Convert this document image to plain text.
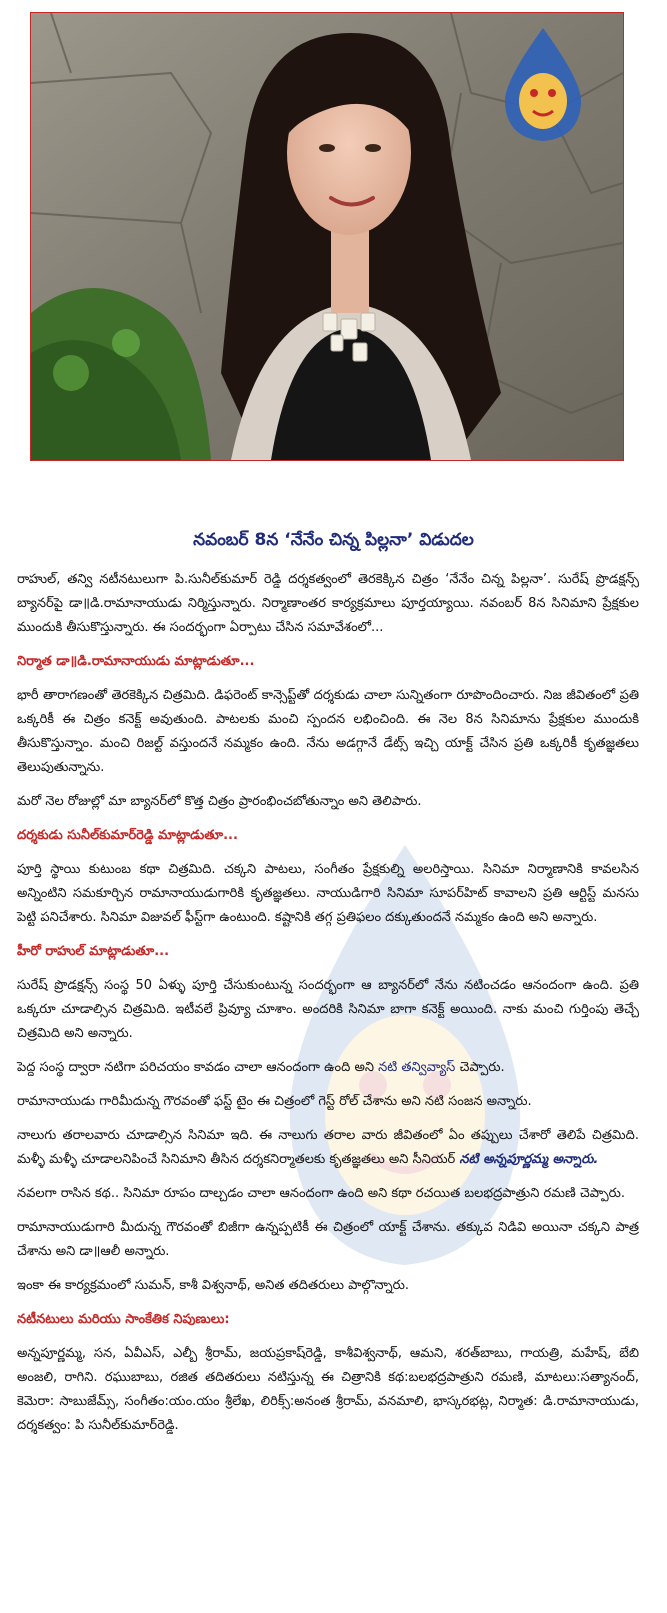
నవంబర్ 8న ‘నేనేం చిన్న పిల్లనా’ విడుదల

రాహుల్, తన్వి నటీనటులుగా పి.సునీల్‌కుమార్ రెడ్డి దర్శకత్వంలో తెరకెక్కిన చిత్రం ‘నేనేం చిన్న పిల్లనా’. సురేష్ ప్రొడక్షన్స్ బ్యానర్‌పై డా॥డి.రామానాయుడు నిర్మిస్తున్నారు. నిర్మాణాంతర కార్యక్రమాలు పూర్తయ్యాయి. నవంబర్ 8న సినిమాని ప్రేక్షకుల ముందుకి తీసుకొస్తున్నారు. ఈ సందర్భంగా ఏర్పాటు చేసిన సమావేశంలో...

నిర్మాత డా॥డి.రామానాయుడు మాట్లాడుతూ...

భారీ తారాగణంతో తెరకెక్కిన చిత్రమిది. డిఫరెంట్ కాన్సెప్ట్‌తో దర్శకుడు చాలా సున్నితంగా రూపొందించారు. నిజ జీవితంలో ప్రతి ఒక్కరికీ ఈ చిత్రం కనెక్ట్ అవుతుంది. పాటలకు మంచి స్పందన లభించింది. ఈ నెల 8న సినిమాను ప్రేక్షకుల ముందుకి తీసుకొస్తున్నాం. మంచి రిజల్ట్ వస్తుందనే నమ్మకం ఉంది. నేను అడగ్గానే డేట్స్ ఇచ్చి యాక్ట్ చేసిన ప్రతి ఒక్కరికీ కృతజ్ఞతలు తెలుపుతున్నాను.

మరో నెల రోజుల్లో మా బ్యానర్‌లో కొత్త చిత్రం ప్రారంభించబోతున్నాం అని తెలిపారు.

దర్శకుడు సునీల్‌కుమార్‌రెడ్డి మాట్లాడుతూ...

పూర్తి స్థాయి కుటుంబ కథా చిత్రమిది. చక్కని పాటలు, సంగీతం ప్రేక్షకుల్ని అలరిస్తాయి. సినిమా నిర్మాణానికి కావలసిన అన్నింటిని సమకూర్చిన రామానాయుడుగారికి కృతజ్ఞతలు. నాయుడిగారి సినిమా సూపర్‌హిట్ కావాలని ప్రతి ఆర్టిస్ట్ మనసు పెట్టి పనిచేశారు. సినిమా విజువల్ ఫీస్ట్‌గా ఉంటుంది. కష్టానికి తగ్గ ప్రతిఫలం దక్కుతుందనే నమ్మకం ఉంది అని అన్నారు.

హీరో రాహుల్ మాట్లాడుతూ...

సురేష్ ప్రొడక్షన్స్ సంస్థ 50 ఏళ్ళు పూర్తి చేసుకుంటున్న సందర్భంగా ఆ బ్యానర్‌లో నేను నటించడం ఆనందంగా ఉంది. ప్రతి ఒక్కరూ చూడాల్సిన చిత్రమిది. ఇటీవలే ప్రివ్యూ చూశాం. అందరికి సినిమా బాగా కనెక్ట్ అయింది. నాకు మంచి గుర్తింపు తెచ్చే చిత్రమిది అని అన్నారు.

పెద్ద సంస్థ ద్వారా నటిగా పరిచయం కావడం చాలా ఆనందంగా ఉంది అని నటి తన్వివ్యాస్ చెప్పారు.

రామానాయుడు గారిమీదున్న గౌరవంతో ఫస్ట్ టైం ఈ చిత్రంలో గెస్ట్ రోల్ చేశాను అని నటి సంజన అన్నారు.

నాలుగు తరాలవారు చూడాల్సిన సినిమా ఇది. ఈ నాలుగు తరాల వారు జీవితంలో ఏం తప్పులు చేశారో తెలిపే చిత్రమిది. మళ్ళీ మళ్ళీ చూడాలనిపించే సినిమాని తీసిన దర్శకనిర్మాతలకు కృతజ్ఞతలు అని సీనియర్ నటి అన్నపూర్ణమ్మ అన్నారు.

నవలగా రాసిన కథ.. సినిమా రూపం దాల్చడం చాలా ఆనందంగా ఉంది అని కథా రచయిత బలభద్రపాత్రుని రమణి చెప్పారు.

రామానాయుడుగారి మీదున్న గౌరవంతో బిజీగా ఉన్నప్పటికీ ఈ చిత్రంలో యాక్ట్ చేశాను. తక్కువ నిడివి అయినా చక్కని పాత్ర చేశాను అని డా॥ఆలీ అన్నారు.

ఇంకా ఈ కార్యక్రమంలో సుమన్, కాశీ విశ్వనాథ్, అనిత తదితరులు పాల్గొన్నారు.

నటీనటులు మరియు సాంకేతిక నిపుణులు:

అన్నపూర్ణమ్మ, సన, ఏవీఎస్, ఎల్బీ శ్రీరామ్, జయప్రకాష్‌రెడ్డి, కాశీవిశ్వనాథ్, ఆమని, శరత్‌బాబు, గాయత్రి, మహేష్, బేబి అంజలి, రాగిని. రఘుబాబు, రజిత తదితరులు నటిస్తున్న ఈ చిత్రానికి కథ:బలభద్రపాత్రుని రమణి, మాటలు:సత్యానంద్, కెమెరా: సాబుజేమ్స్, సంగీతం:యం.యం శ్రీలేఖ, లిరిక్స్:అనంత శ్రీరామ్, వనమాలి, భాస్కరభట్ల, నిర్మాత: డి.రామానాయుడు, దర్శకత్వం: పి సునీల్‌కుమార్‌రెడ్డి.
